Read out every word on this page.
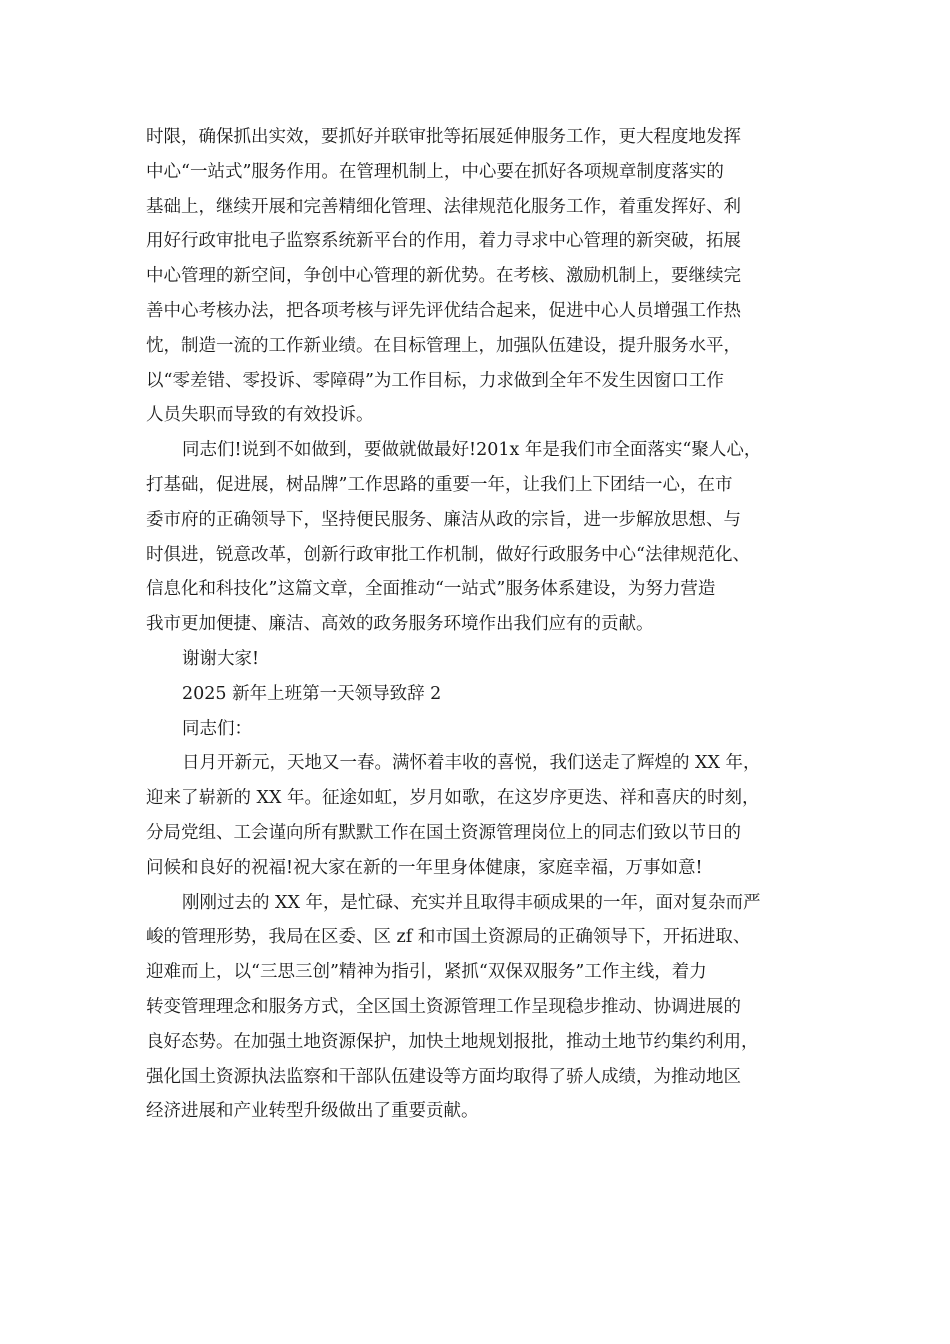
时限，确保抓出实效，要抓好并联审批等拓展延伸服务工作，更大程度地发挥
中心“一站式”服务作用。在管理机制上，中心要在抓好各项规章制度落实的
基础上，继续开展和完善精细化管理、法律规范化服务工作，着重发挥好、利
用好行政审批电子监察系统新平台的作用，着力寻求中心管理的新突破，拓展
中心管理的新空间，争创中心管理的新优势。在考核、激励机制上，要继续完
善中心考核办法，把各项考核与评先评优结合起来，促进中心人员增强工作热
忱，制造一流的工作新业绩。在目标管理上，加强队伍建设，提升服务水平，
以“零差错、零投诉、零障碍”为工作目标，力求做到全年不发生因窗口工作
人员失职而导致的有效投诉。
同志们!说到不如做到，要做就做最好!201x 年是我们市全面落实“聚人心，
打基础，促进展，树品牌”工作思路的重要一年，让我们上下团结一心，在市
委市府的正确领导下，坚持便民服务、廉洁从政的宗旨，进一步解放思想、与
时俱进，锐意改革，创新行政审批工作机制，做好行政服务中心“法律规范化、
信息化和科技化”这篇文章，全面推动“一站式”服务体系建设，为努力营造
我市更加便捷、廉洁、高效的政务服务环境作出我们应有的贡献。
谢谢大家!
2025 新年上班第一天领导致辞 2
同志们：
日月开新元，天地又一春。满怀着丰收的喜悦，我们送走了辉煌的 XX 年，
迎来了崭新的 XX 年。征途如虹，岁月如歌，在这岁序更迭、祥和喜庆的时刻，
分局党组、工会谨向所有默默工作在国土资源管理岗位上的同志们致以节日的
问候和良好的祝福!祝大家在新的一年里身体健康，家庭幸福，万事如意!
刚刚过去的 XX 年，是忙碌、充实并且取得丰硕成果的一年，面对复杂而严
峻的管理形势，我局在区委、区 zf 和市国土资源局的正确领导下，开拓进取、
迎难而上，以“三思三创”精神为指引，紧抓“双保双服务”工作主线，着力
转变管理理念和服务方式，全区国土资源管理工作呈现稳步推动、协调进展的
良好态势。在加强土地资源保护，加快土地规划报批，推动土地节约集约利用，
强化国土资源执法监察和干部队伍建设等方面均取得了骄人成绩，为推动地区
经济进展和产业转型升级做出了重要贡献。
